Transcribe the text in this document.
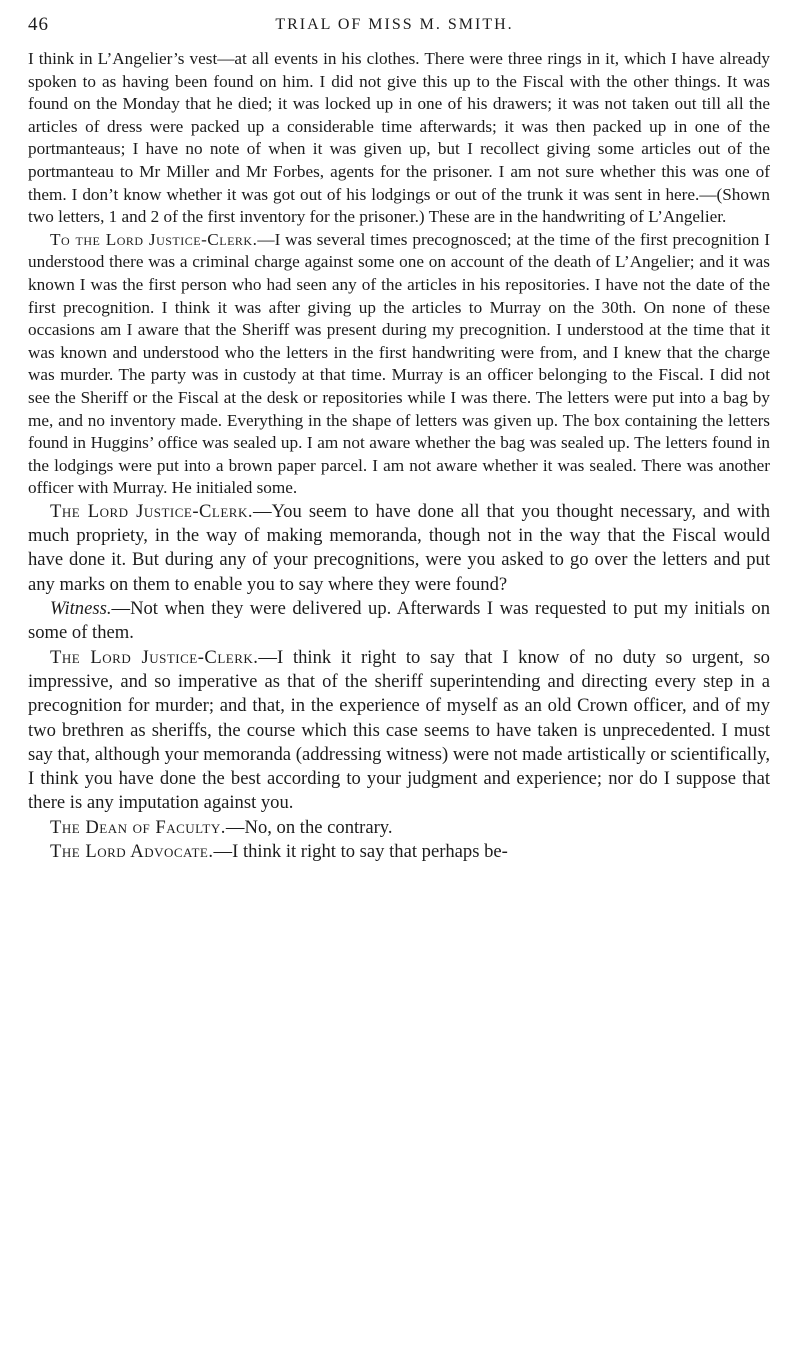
46	TRIAL OF MISS M. SMITH.

I think in L’Angelier’s vest—at all events in his clothes. There were three rings in it, which I have already spoken to as having been found on him. I did not give this up to the Fiscal with the other things. It was found on the Monday that he died; it was locked up in one of his drawers; it was not taken out till all the articles of dress were packed up a considerable time afterwards; it was then packed up in one of the portmanteaus; I have no note of when it was given up, but I recollect giving some articles out of the portmanteau to Mr Miller and Mr Forbes, agents for the prisoner. I am not sure whether this was one of them. I don’t know whether it was got out of his lodgings or out of the trunk it was sent in here.—(Shown two letters, 1 and 2 of the first inventory for the prisoner.) These are in the handwriting of L’Angelier.

To the Lord Justice-Clerk.—I was several times precognosced; at the time of the first precognition I understood there was a criminal charge against some one on account of the death of L’Angelier; and it was known I was the first person who had seen any of the articles in his repositories. I have not the date of the first precognition. I think it was after giving up the articles to Murray on the 30th. On none of these occasions am I aware that the Sheriff was present during my precognition. I understood at the time that it was known and understood who the letters in the first handwriting were from, and I knew that the charge was murder. The party was in custody at that time. Murray is an officer belonging to the Fiscal. I did not see the Sheriff or the Fiscal at the desk or repositories while I was there. The letters were put into a bag by me, and no inventory made. Everything in the shape of letters was given up. The box containing the letters found in Huggins’ office was sealed up. I am not aware whether the bag was sealed up. The letters found in the lodgings were put into a brown paper parcel. I am not aware whether it was sealed. There was another officer with Murray. He initialed some.

The Lord Justice-Clerk.—You seem to have done all that you thought necessary, and with much propriety, in the way of making memoranda, though not in the way that the Fiscal would have done it. But during any of your precognitions, were you asked to go over the letters and put any marks on them to enable you to say where they were found?

Witness.—Not when they were delivered up. Afterwards I was requested to put my initials on some of them.

The Lord Justice-Clerk.—I think it right to say that I know of no duty so urgent, so impressive, and so imperative as that of the sheriff superintending and directing every step in a precognition for murder; and that, in the experience of myself as an old Crown officer, and of my two brethren as sheriffs, the course which this case seems to have taken is unprecedented. I must say that, although your memoranda (addressing witness) were not made artistically or scientifically, I think you have done the best according to your judgment and experience; nor do I suppose that there is any imputation against you.

The Dean of Faculty.—No, on the contrary.

The Lord Advocate.—I think it right to say that perhaps be-
